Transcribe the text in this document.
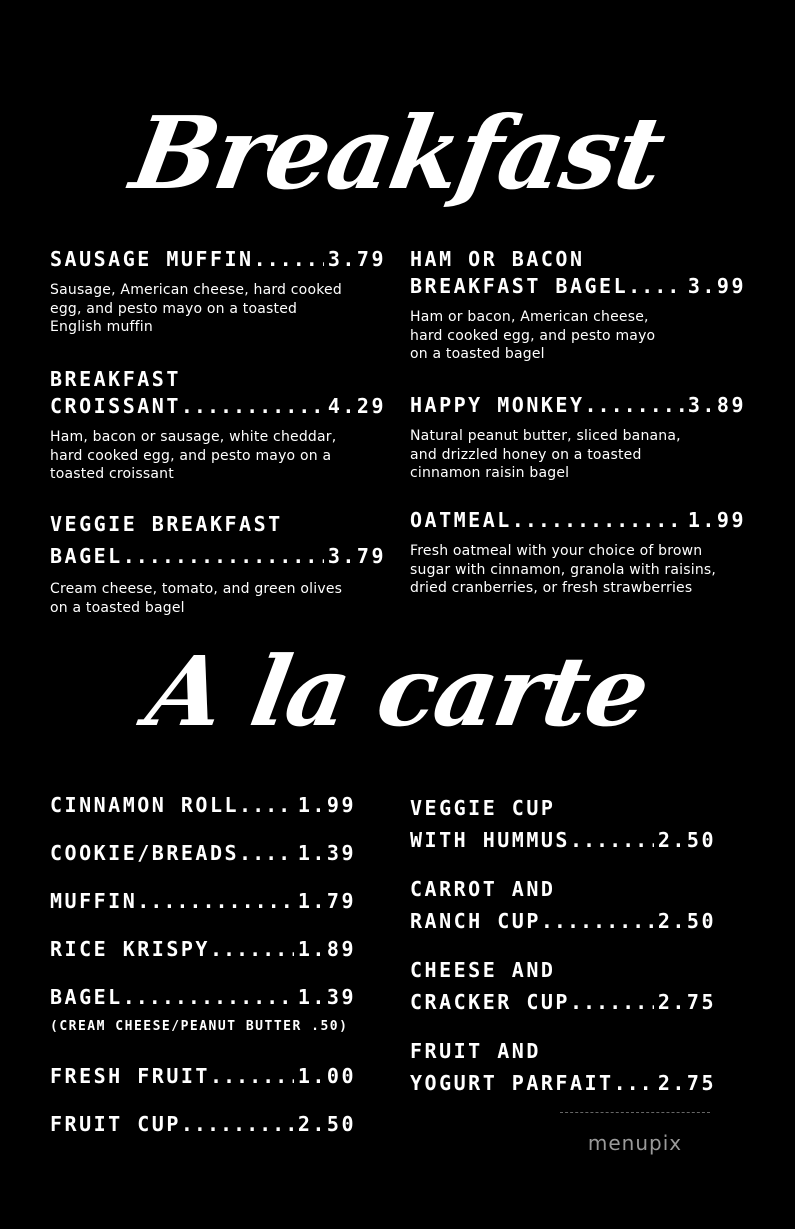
Breakfast
SAUSAGE MUFFIN .....	3.79
Sausage, American cheese, hard cooked
egg, and pesto mayo on a toasted
English muffin
BREAKFAST
CROISSANT .....	4.29
Ham, bacon or sausage, white cheddar,
hard cooked egg, and pesto mayo on a
toasted croissant
VEGGIE BREAKFAST
BAGEL .....	3.79
Cream cheese, tomato, and green olives
on a toasted bagel
HAM OR BACON
BREAKFAST BAGEL .....	3.99
Ham or bacon, American cheese,
hard cooked egg, and pesto mayo
on a toasted bagel
HAPPY MONKEY .....	3.89
Natural peanut butter, sliced banana,
and drizzled honey on a toasted
cinnamon raisin bagel
OATMEAL .....	1.99
Fresh oatmeal with your choice of brown
sugar with cinnamon, granola with raisins,
dried cranberries, or fresh strawberries
A la carte
CINNAMON ROLL .....	1.99
COOKIE/BREADS .....	1.39
MUFFIN .....	1.79
RICE KRISPY .....	1.89
BAGEL .....	1.39
(CREAM CHEESE/PEANUT BUTTER .50)
FRESH FRUIT .....	1.00
FRUIT CUP .....	2.50
VEGGIE CUP
WITH HUMMUS .....	2.50
CARROT AND
RANCH CUP .....	2.50
CHEESE AND
CRACKER CUP .....	2.75
FRUIT AND
YOGURT PARFAIT ..... 2.75
menupix
